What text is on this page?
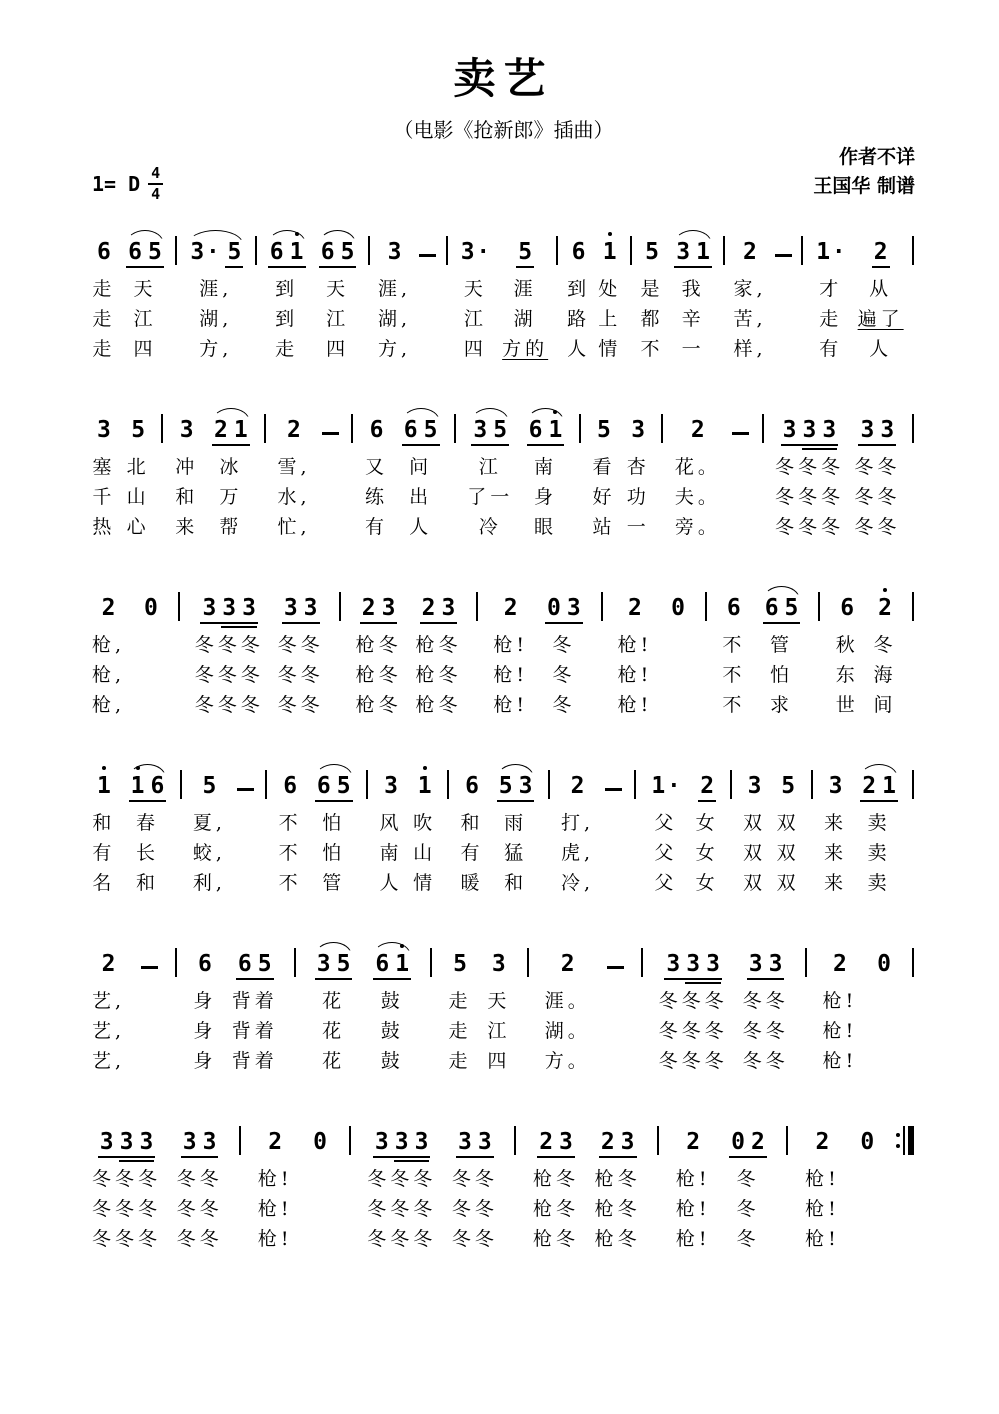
卖艺
（电影《抢新郎》插曲）
1= D $\frac{4}{4}$
作者不详
王国华 制谱
6
走
走
走
6 5
天
江
四
3 · 5
涯,
湖,
方,
6 1
到
到
走
6 5
天
江
四
3
涯,
湖,
方,
3 ·
天
江
四
5
涯
湖
方的
6
到
路
人
1
处
上
情
5
是
都
不
3 1
我
辛
一
2
家,
苦,
样,
1 ·
才
走
有
2
从
遍了
人
3
塞
千
热
5
北
山
心
3
冲
和
来
2 1
冰
万
帮
2
雪,
水,
忙,
6
又
练
有
6 5
问
出
人
3 5
江
了一
冷
6 1
南
身
眼
5
看
好
站
3
杏
功
一
2
花。
夫。
旁。
3 3 3
冬冬冬
冬冬冬
冬冬冬
3 3
冬冬
冬冬
冬冬
2
枪,
枪,
枪,
0 3 3 3
冬冬冬
冬冬冬
冬冬冬
3 3
冬冬
冬冬
冬冬
2 3
枪冬
枪冬
枪冬
2 3
枪冬
枪冬
枪冬
2
枪!
枪!
枪!
0 3
冬
冬
冬
2
枪!
枪!
枪!
0 6
不
不
不
6 5
管
怕
求
6
秋
东
世
2
冬
海
间
1
和
有
名
1 6
春
长
和
5
夏,
蛟,
利,
6
不
不
不
6 5
怕
怕
管
3
风
南
人
1
吹
山
情
6
和
有
暖
5 3
雨
猛
和
2
打,
虎,
冷,
1 ·
父
父
父
2
女
女
女
3
双
双
双
5
双
双
双
3
来
来
来
2 1
卖
卖
卖
2
艺,
艺,
艺,
6
身
身
身
6 5
背着
背着
背着
3 5
花
花
花
6 1
鼓
鼓
鼓
5
走
走
走
3
天
江
四
2
涯。
湖。
方。
3 3 3
冬冬冬
冬冬冬
冬冬冬
3 3
冬冬
冬冬
冬冬
2
枪!
枪!
枪!
0
3 3 3
冬冬冬
冬冬冬
冬冬冬
3 3
冬冬
冬冬
冬冬
2
枪!
枪!
枪!
0 3 3 3
冬冬冬
冬冬冬
冬冬冬
3 3
冬冬
冬冬
冬冬
2 3
枪冬
枪冬
枪冬
2 3
枪冬
枪冬
枪冬
2
枪!
枪!
枪!
0 2
冬
冬
冬
2
枪!
枪!
枪!
0
